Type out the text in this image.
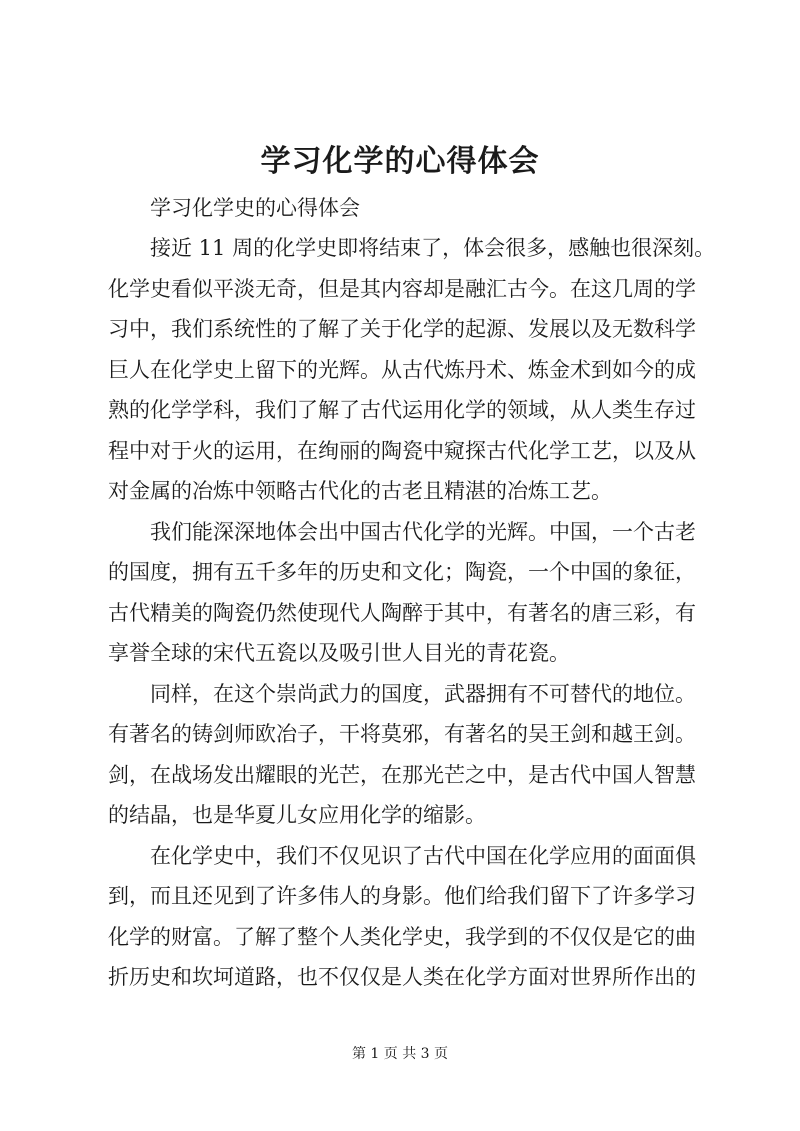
学习化学的心得体会
学习化学史的心得体会
接近 11 周的化学史即将结束了，体会很多，感触也很深刻。
化学史看似平淡无奇，但是其内容却是融汇古今。在这几周的学
习中，我们系统性的了解了关于化学的起源、发展以及无数科学
巨人在化学史上留下的光辉。从古代炼丹术、炼金术到如今的成
熟的化学学科，我们了解了古代运用化学的领域，从人类生存过
程中对于火的运用，在绚丽的陶瓷中窥探古代化学工艺，以及从
对金属的冶炼中领略古代化的古老且精湛的冶炼工艺。
我们能深深地体会出中国古代化学的光辉。中国，一个古老
的国度，拥有五千多年的历史和文化；陶瓷，一个中国的象征，
古代精美的陶瓷仍然使现代人陶醉于其中，有著名的唐三彩，有
享誉全球的宋代五瓷以及吸引世人目光的青花瓷。
同样，在这个崇尚武力的国度，武器拥有不可替代的地位。
有著名的铸剑师欧冶子，干将莫邪，有著名的吴王剑和越王剑。
剑，在战场发出耀眼的光芒，在那光芒之中，是古代中国人智慧
的结晶，也是华夏儿女应用化学的缩影。
在化学史中，我们不仅见识了古代中国在化学应用的面面俱
到，而且还见到了许多伟人的身影。他们给我们留下了许多学习
化学的财富。了解了整个人类化学史，我学到的不仅仅是它的曲
折历史和坎坷道路，也不仅仅是人类在化学方面对世界所作出的
第 1 页 共 3 页
